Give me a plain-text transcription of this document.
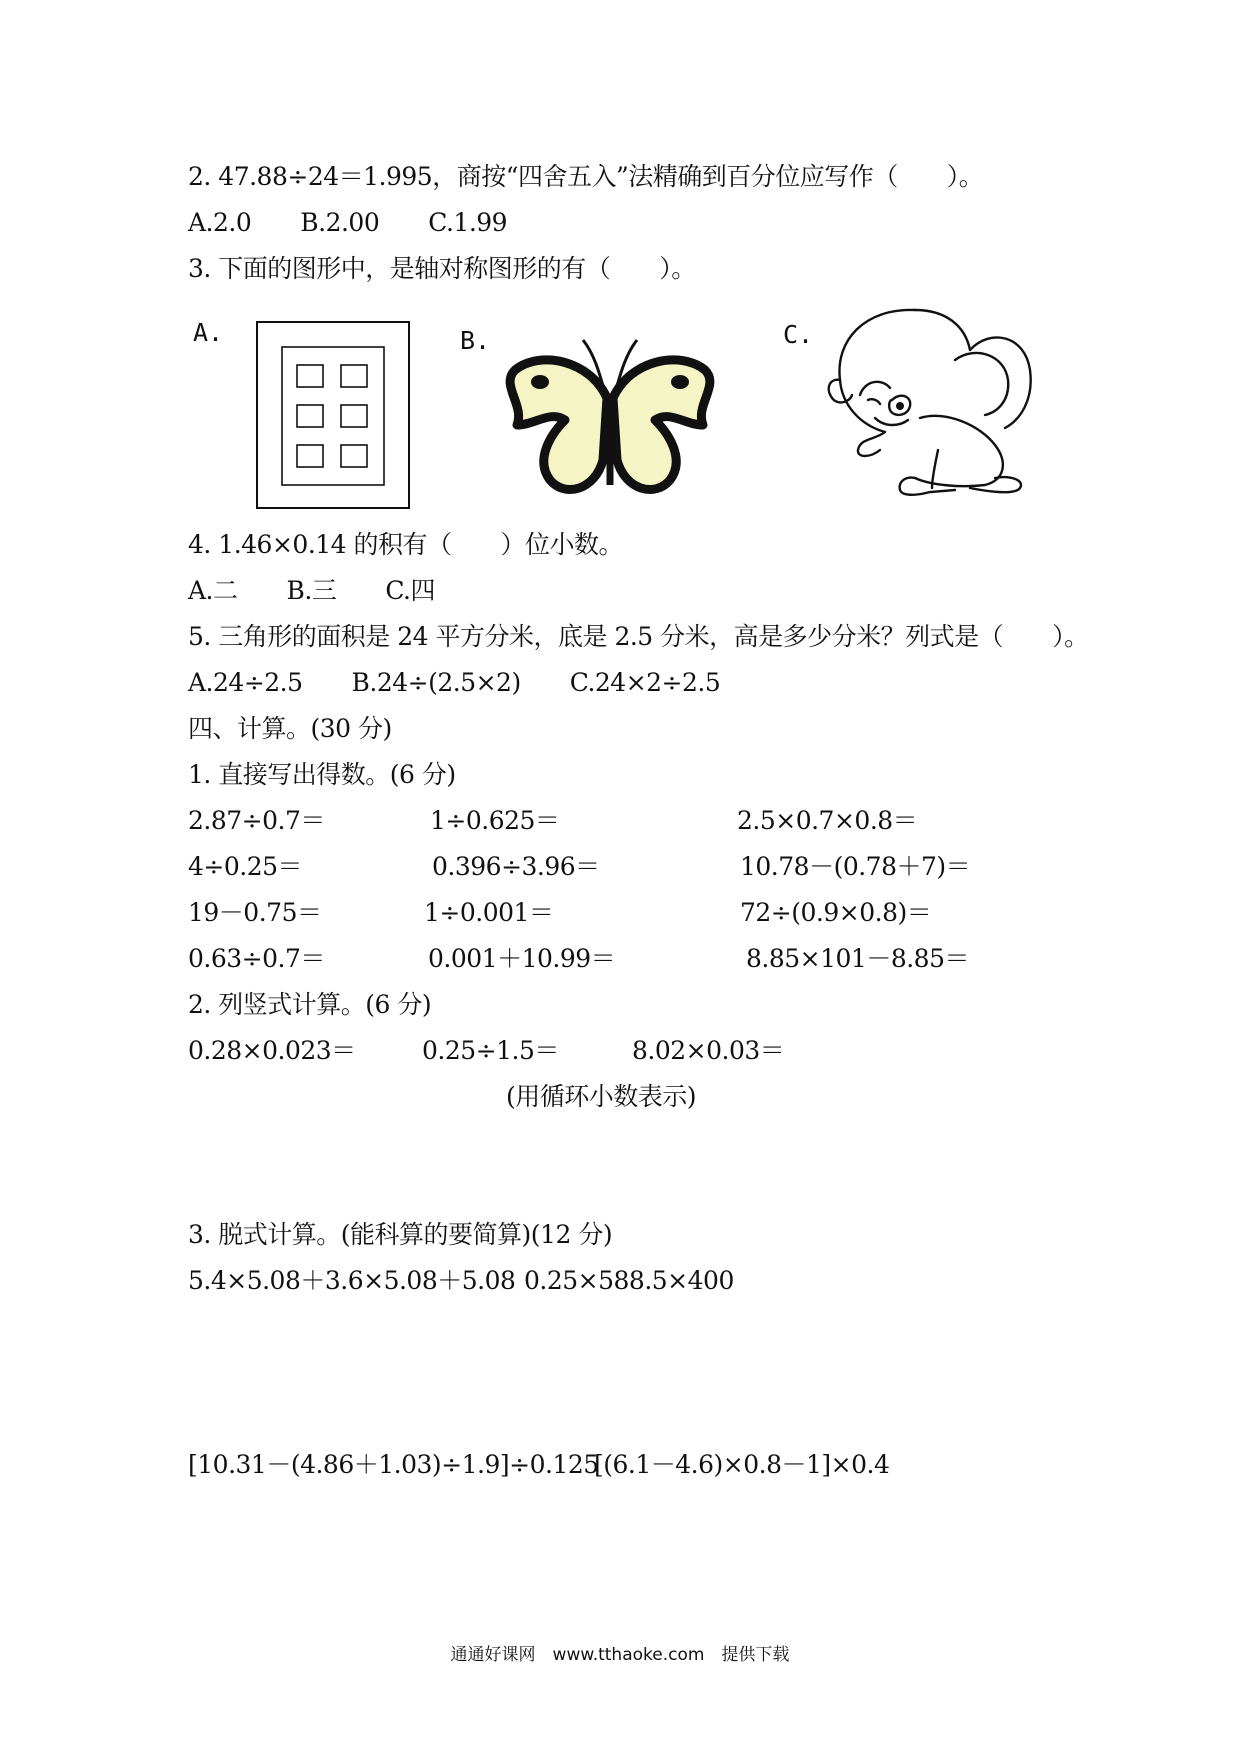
2. 47.88÷24＝1.995，商按“四舍五入”法精确到百分位应写作（　　）。
A.2.0　　B.2.00　　C.1.99
3. 下面的图形中，是轴对称图形的有（　　）。
A.	B.	C.
4. 1.46×0.14 的积有（　　）位小数。
A.二　　B.三　　C.四
5. 三角形的面积是 24 平方分米，底是 2.5 分米，高是多少分米？列式是（　　）。
A.24÷2.5　　B.24÷(2.5×2)　　C.24×2÷2.5
四、计算。(30 分)
1. 直接写出得数。(6 分)
2.87÷0.7＝	1÷0.625＝	2.5×0.7×0.8＝
4÷0.25＝	0.396÷3.96＝	10.78－(0.78＋7)＝
19－0.75＝	1÷0.001＝	72÷(0.9×0.8)＝
0.63÷0.7＝	0.001＋10.99＝	8.85×101－8.85＝
2. 列竖式计算。(6 分)
0.28×0.023＝	0.25÷1.5＝	8.02×0.03＝
(用循环小数表示)
3. 脱式计算。(能科算的要简算)(12 分)
5.4×5.08＋3.6×5.08＋5.08 0.25×588.5×400
[10.31－(4.86＋1.03)÷1.9]÷0.125
[(6.1－4.6)×0.8－1]×0.4
通通好课网　www.tthaoke.com　提供下载
